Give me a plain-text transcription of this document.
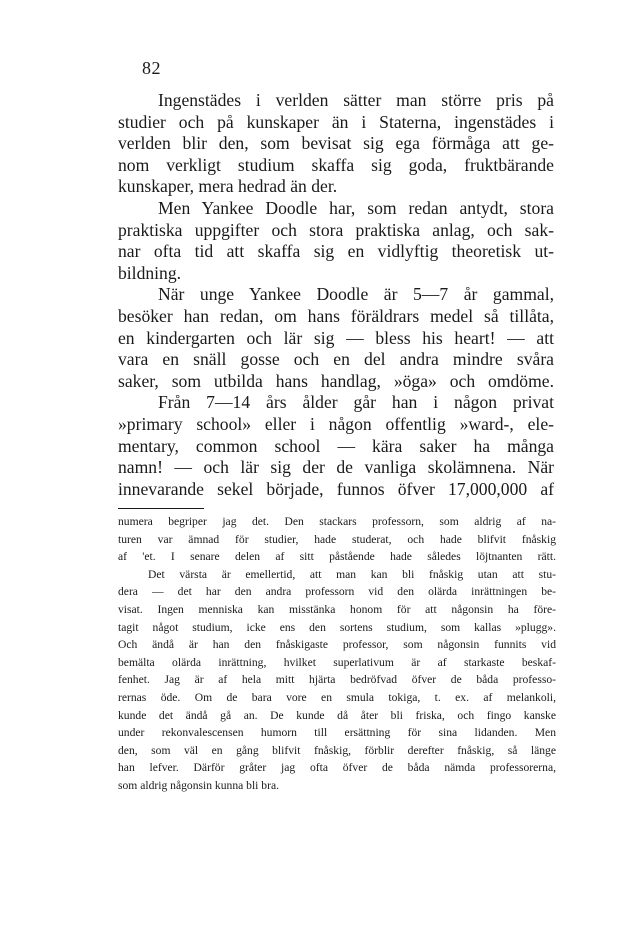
82
Ingenstädes i verlden sätter man större pris på
studier och på kunskaper än i Staterna, ingenstädes i
verlden blir den, som bevisat sig ega förmåga att ge-
nom verkligt studium skaffa sig goda, fruktbärande
kunskaper, mera hedrad än der.
Men Yankee Doodle har, som redan antydt, stora
praktiska uppgifter och stora praktiska anlag, och sak-
nar ofta tid att skaffa sig en vidlyftig theoretisk ut-
bildning.
När unge Yankee Doodle är 5—7 år gammal,
besöker han redan, om hans föräldrars medel så tillåta,
en kindergarten och lär sig — bless his heart! — att
vara en snäll gosse och en del andra mindre svåra
saker, som utbilda hans handlag, »öga» och omdöme.
Från 7—14 års ålder går han i någon privat
»primary school» eller i någon offentlig »ward-, ele-
mentary, common school — kära saker ha många
namn! — och lär sig der de vanliga skolämnena. När
innevarande sekel började, funnos öfver 17,000,000 af
numera begriper jag det. Den stackars professorn, som aldrig af na-
turen var ämnad för studier, hade studerat, och hade blifvit fnåskig
af 'et. I senare delen af sitt påstående hade således löjtnanten rätt.
Det värsta är emellertid, att man kan bli fnåskig utan att stu-
dera — det har den andra professorn vid den olärda inrättningen be-
visat. Ingen menniska kan misstänka honom för att någonsin ha före-
tagit något studium, icke ens den sortens studium, som kallas »plugg».
Och ändå är han den fnåskigaste professor, som någonsin funnits vid
bemälta olärda inrättning, hvilket superlativum är af starkaste beskaf-
fenhet. Jag är af hela mitt hjärta bedröfvad öfver de båda professo-
rernas öde. Om de bara vore en smula tokiga, t. ex. af melankoli,
kunde det ändå gå an. De kunde då åter bli friska, och fingo kanske
under rekonvalescensen humorn till ersättning för sina lidanden. Men
den, som väl en gång blifvit fnåskig, förblir derefter fnåskig, så länge
han lefver. Därför gråter jag ofta öfver de båda nämda professorerna,
som aldrig någonsin kunna bli bra.
